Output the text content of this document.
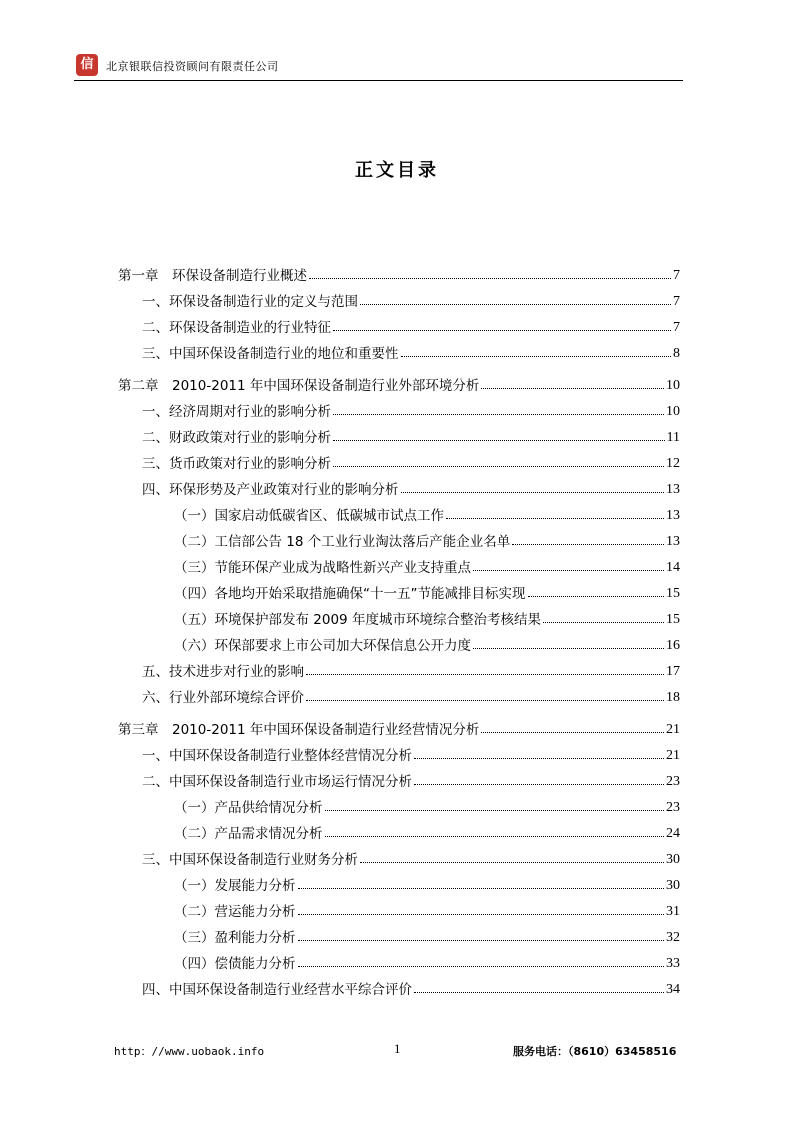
信	北京银联信投资顾问有限责任公司
正文目录
第一章　环保设备制造行业概述	7
一、环保设备制造行业的定义与范围	7
二、环保设备制造业的行业特征	7
三、中国环保设备制造行业的地位和重要性	8
第二章　2010-2011 年中国环保设备制造行业外部环境分析	10
一、经济周期对行业的影响分析	10
二、财政政策对行业的影响分析	11
三、货币政策对行业的影响分析	12
四、环保形势及产业政策对行业的影响分析	13
（一）国家启动低碳省区、低碳城市试点工作	13
（二）工信部公告 18 个工业行业淘汰落后产能企业名单	13
（三）节能环保产业成为战略性新兴产业支持重点	14
（四）各地均开始采取措施确保“十一五”节能减排目标实现	15
（五）环境保护部发布 2009 年度城市环境综合整治考核结果	15
（六）环保部要求上市公司加大环保信息公开力度	16
五、技术进步对行业的影响	17
六、行业外部环境综合评价	18
第三章　2010-2011 年中国环保设备制造行业经营情况分析	21
一、中国环保设备制造行业整体经营情况分析	21
二、中国环保设备制造行业市场运行情况分析	23
（一）产品供给情况分析	23
（二）产品需求情况分析	24
三、中国环保设备制造行业财务分析	30
（一）发展能力分析	30
（二）营运能力分析	31
（三）盈利能力分析	32
（四）偿债能力分析	33
四、中国环保设备制造行业经营水平综合评价	34
http：//www.uobaok.info	1	服务电话：（8610）63458516
